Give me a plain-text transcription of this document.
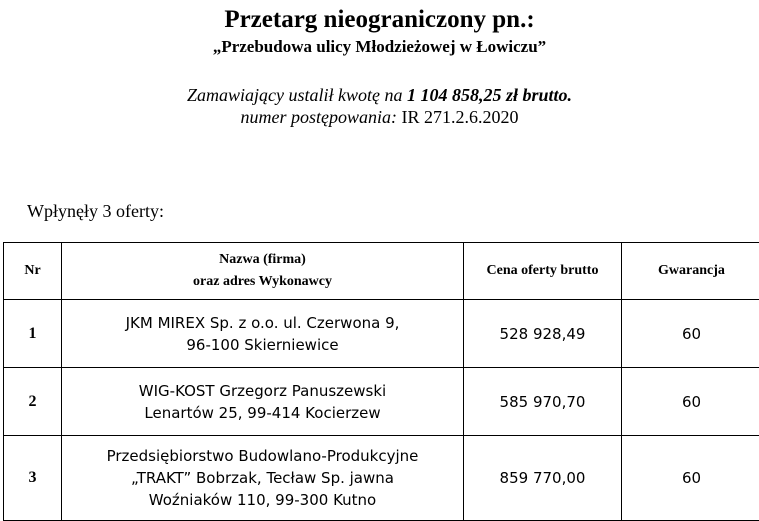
Przetarg nieograniczony pn.:
„Przebudowa ulicy Młodzieżowej w Łowiczu”
Zamawiający ustalił kwotę na 1 104 858,25 zł brutto.
numer postępowania: IR 271.2.6.2020
Wpłynęły 3 oferty:
Nr	Nazwa (firma)
oraz adres Wykonawcy	Cena oferty brutto	Gwarancja
1	JKM MIREX Sp. z o.o. ul. Czerwona 9,
96-100 Skierniewice	528 928,49	60
2	WIG-KOST Grzegorz Panuszewski
Lenartów 25, 99-414 Kocierzew	585 970,70	60
3	Przedsiębiorstwo Budowlano-Produkcyjne
„TRAKT” Bobrzak, Tecław Sp. jawna
Woźniaków 110, 99-300 Kutno	859 770,00	60
